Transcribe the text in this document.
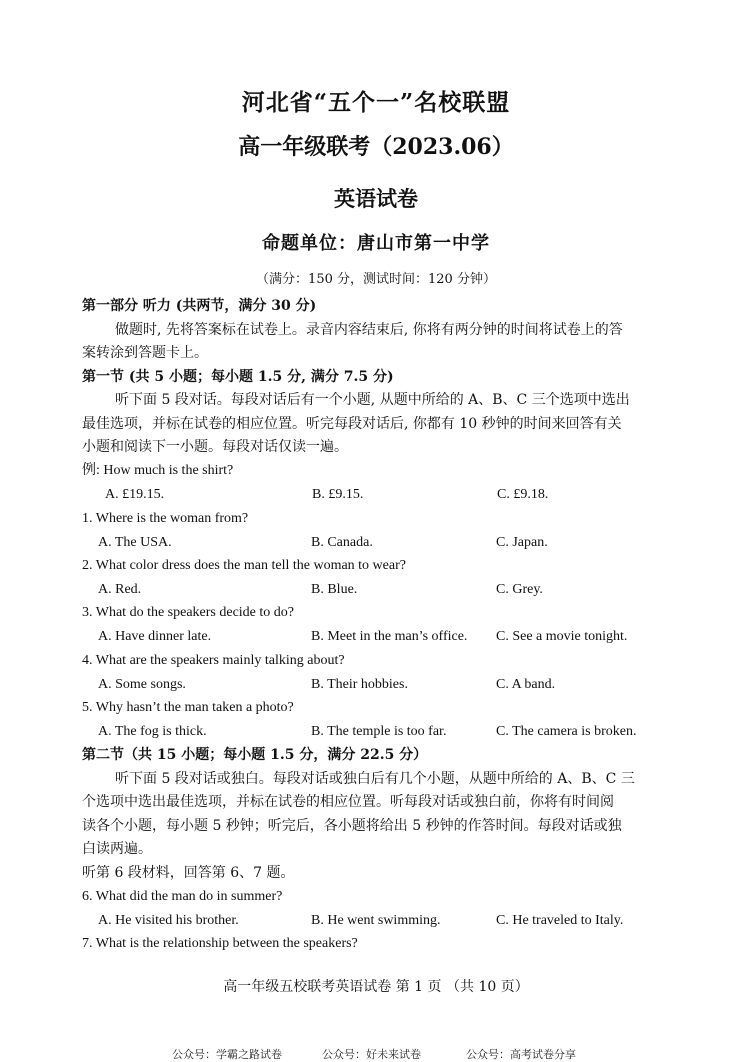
河北省“五个一”名校联盟
高一年级联考（2023.06）
英语试卷
命题单位：唐山市第一中学
（满分：150 分，测试时间：120 分钟）
第一部分 听力 (共两节，满分 30 分)
做题时, 先将答案标在试卷上。录音内容结束后, 你将有两分钟的时间将试卷上的答
案转涂到答题卡上。
第一节 (共 5 小题；每小题 1.5 分, 满分 7.5 分)
听下面 5 段对话。每段对话后有一个小题, 从题中所给的 A、B、C 三个选项中选出
最佳选项，并标在试卷的相应位置。听完每段对话后, 你都有 10 秒钟的时间来回答有关
小题和阅读下一小题。每段对话仅读一遍。
例: How much is the shirt?
A. £19.15.	B. £9.15.	C. £9.18.
1. Where is the woman from?
A. The USA.	B. Canada.	C. Japan.
2. What color dress does the man tell the woman to wear?
A. Red.	B. Blue.	C. Grey.
3. What do the speakers decide to do?
A. Have dinner late.	B. Meet in the man’s office. C. See a movie tonight.
4. What are the speakers mainly talking about?
A. Some songs.	B. Their hobbies.	C. A band.
5. Why hasn’t the man taken a photo?
A. The fog is thick.	B. The temple is too far.	C. The camera is broken.
第二节（共 15 小题；每小题 1.5 分，满分 22.5 分）
听下面 5 段对话或独白。每段对话或独白后有几个小题，从题中所给的 A、B、C 三
个选项中选出最佳选项，并标在试卷的相应位置。听每段对话或独白前，你将有时间阅
读各个小题，每小题 5 秒钟；听完后，各小题将给出 5 秒钟的作答时间。每段对话或独
白读两遍。
听第 6 段材料，回答第 6、7 题。
6. What did the man do in summer?
A. He visited his brother.	B. He went swimming.	C. He traveled to Italy.
7. What is the relationship between the speakers?
高一年级五校联考英语试卷 第 1 页 （共 10 页）
公众号：学霸之路试卷	公众号：好未来试卷	公众号：高考试卷分享
